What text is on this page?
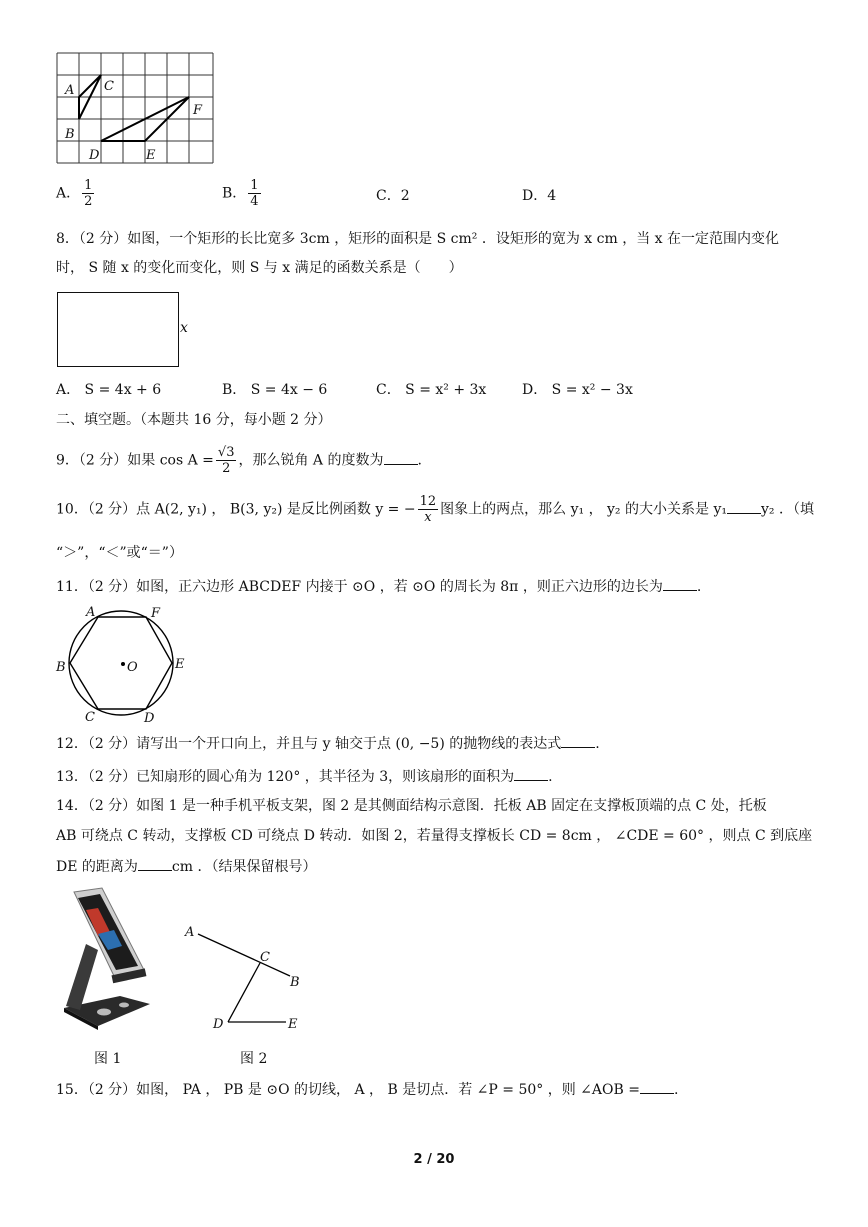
A C
B
F
D	E
A． $\frac{1}{2}$	B． $\frac{1}{4}$	C．2	D．4
8．（2 分）如图，一个矩形的长比宽多 3cm ，矩形的面积是 S cm² ．设矩形的宽为 x cm ，当 x 在一定范围内变化
时， S 随 x 的变化而变化，则 S 与 x 满足的函数关系是（　　）
x
A． S = 4x + 6	B． S = 4x − 6	C． S = x² + 3x	D． S = x² − 3x
二、填空题。（本题共 16 分，每小题 2 分）
9．（2 分）如果 $\cos A = \frac{√3}{2}$ ，那么锐角 A 的度数为 .
10．（2 分）点 A(2, y₁) ， B(3, y₂) 是反比例函数 y = − $\frac{12}{x}$ 图象上的两点，那么 y₁ ， y₂ 的大小关系是 y₁ y₂ ．（填
“＞”，“＜”或“＝”）
11．（2 分）如图，正六边形 ABCDEF 内接于 ⊙O ，若 ⊙O 的周长为 8π ，则正六边形的边长为 .
A	F
B	E
O
C	D
12．（2 分）请写出一个开口向上，并且与 y 轴交于点 (0, −5) 的抛物线的表达式 .
13．（2 分）已知扇形的圆心角为 120° ，其半径为 3，则该扇形的面积为 .
14．（2 分）如图 1 是一种手机平板支架，图 2 是其侧面结构示意图．托板 AB 固定在支撑板顶端的点 C 处，托板
AB 可绕点 C 转动，支撑板 CD 可绕点 D 转动．如图 2，若量得支撑板长 CD = 8cm ， ∠CDE = 60° ，则点 C 到底座
DE 的距离为 cm ．（结果保留根号）
图 1
A
C
B
D	E
图 2
15．（2 分）如图， PA ， PB 是 ⊙O 的切线， A ， B 是切点．若 ∠P = 50° ，则 ∠AOB = .
2 / 20
